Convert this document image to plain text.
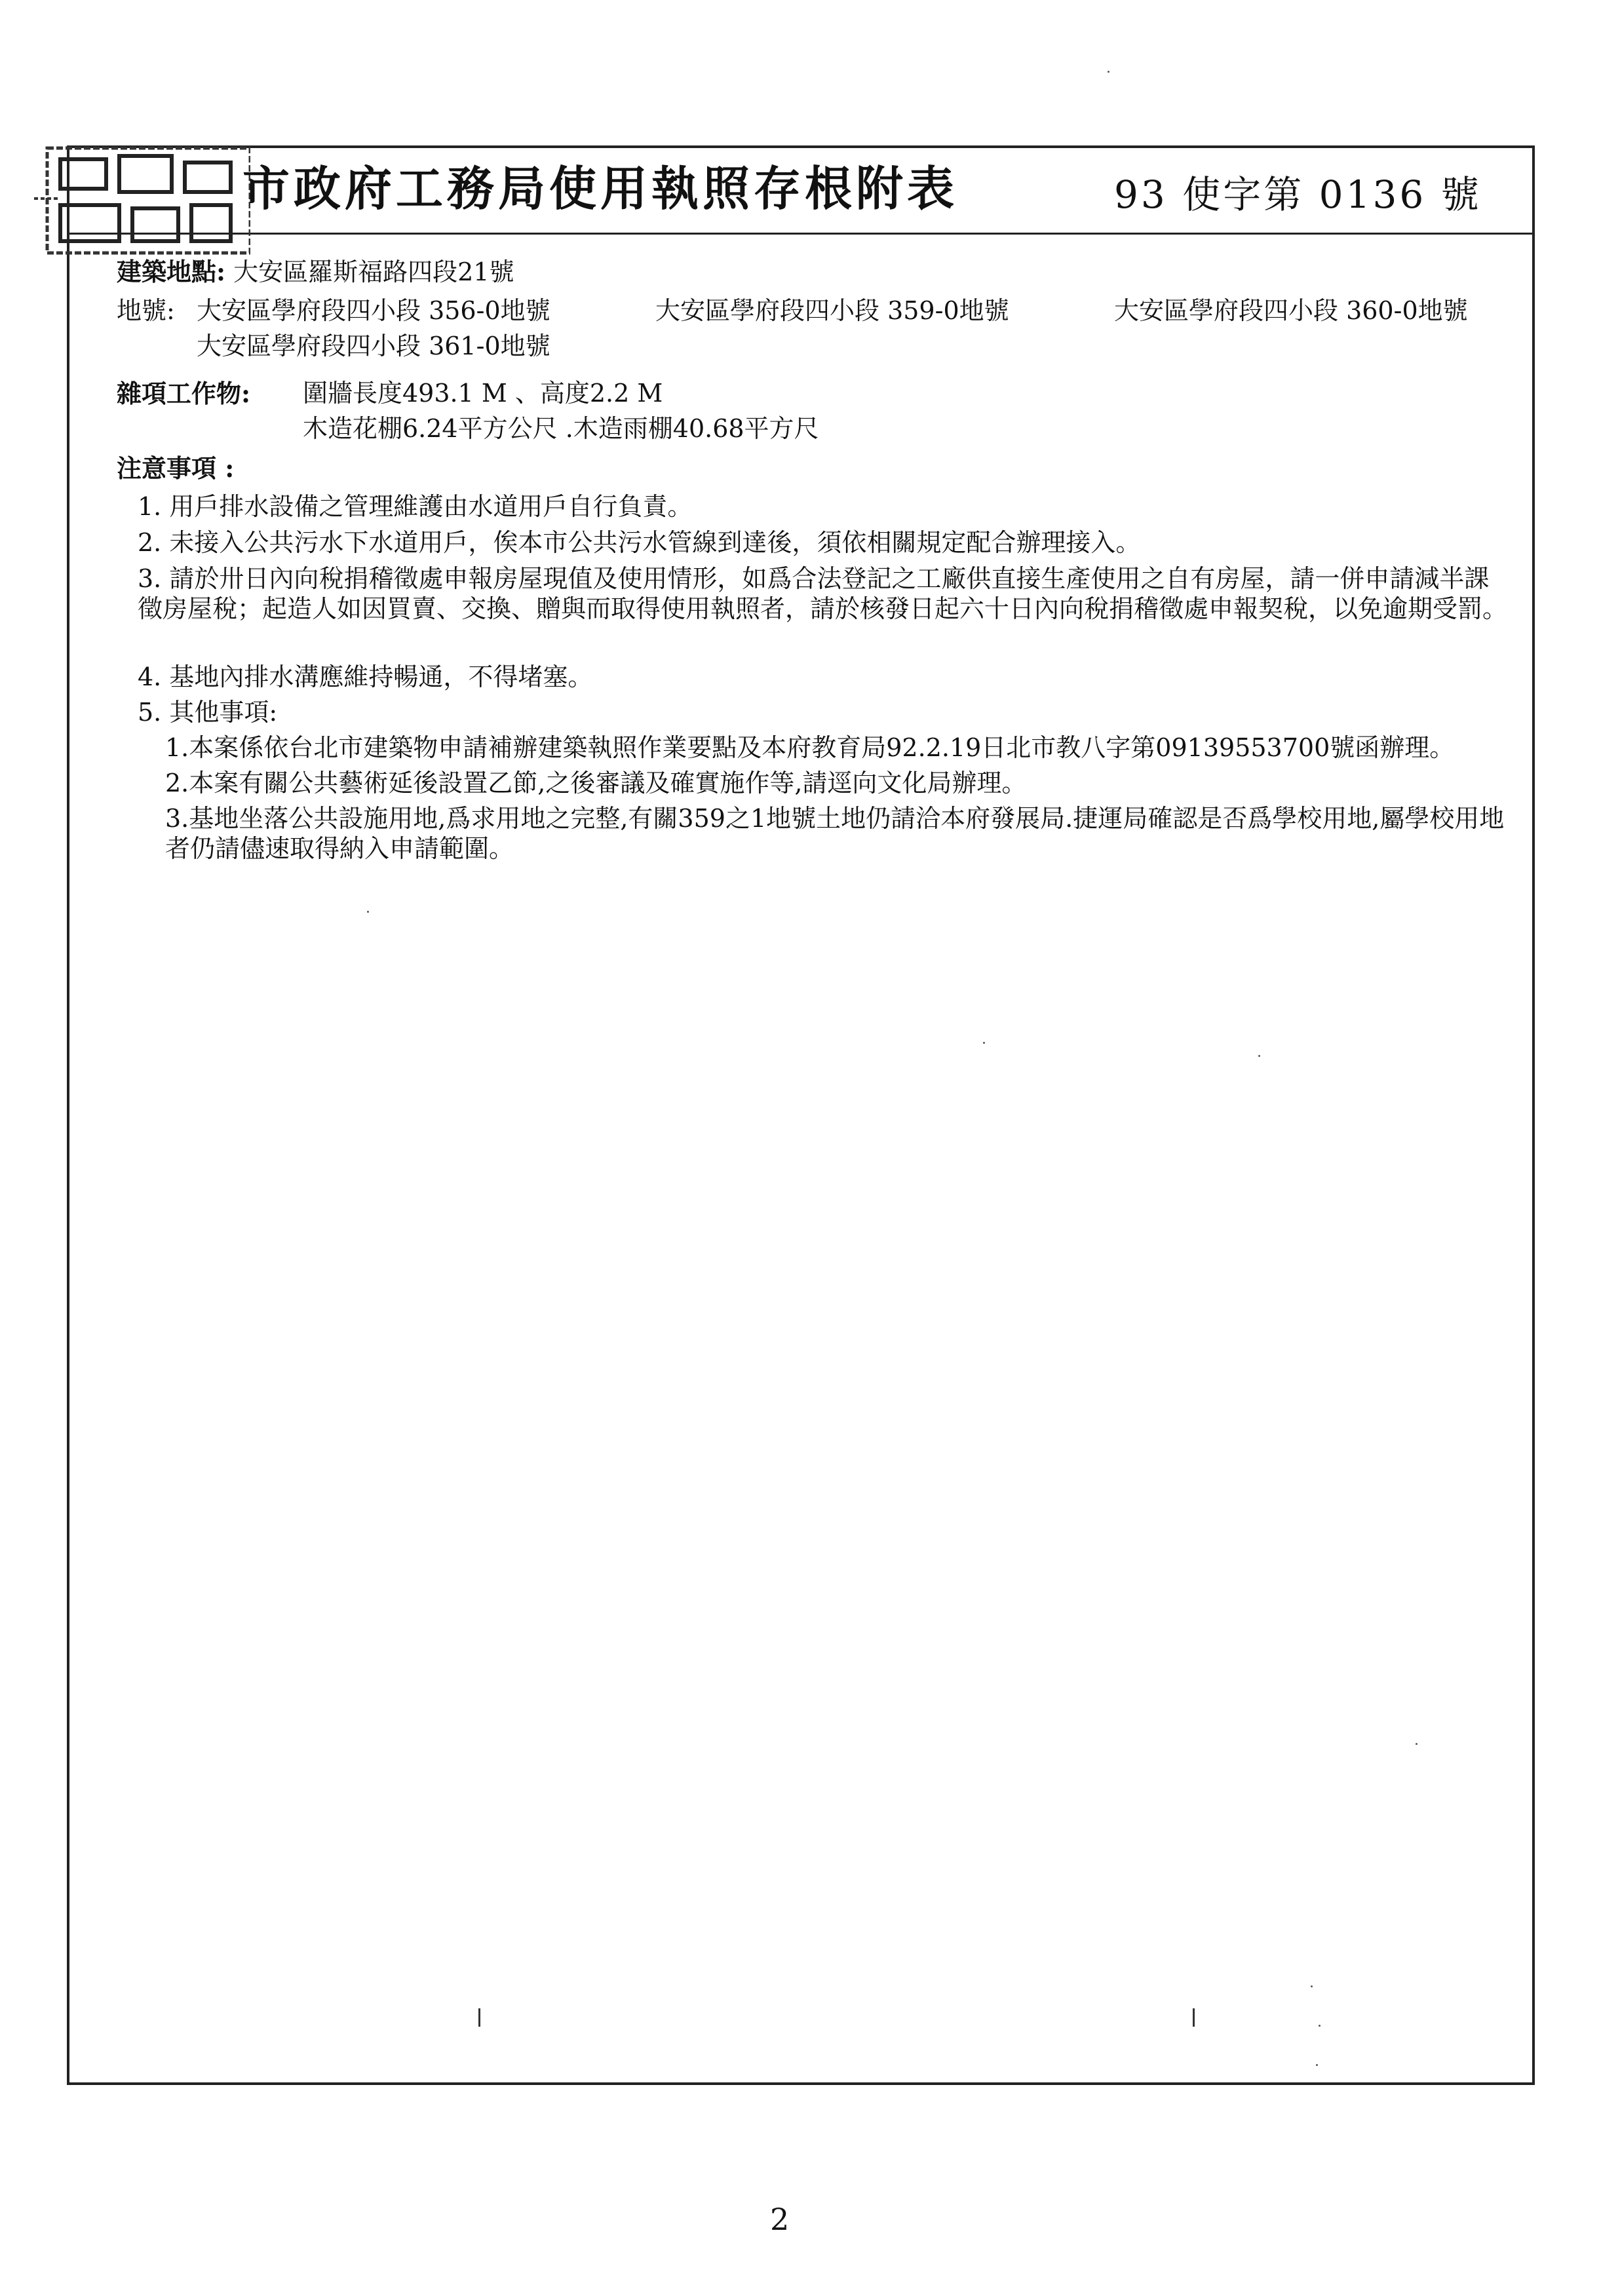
市政府工務局使用執照存根附表	93 使字第 0136 號
建築地點: 大安區羅斯福路四段21號
地號: 大安區學府段四小段 356-0地號	大安區學府段四小段 359-0地號	大安區學府段四小段 360-0地號
大安區學府段四小段 361-0地號
雜項工作物: 圍牆長度493.1 M 、高度2.2 M
木造花棚6.24平方公尺 .木造雨棚40.68平方尺
注意事項 :
1. 用戶排水設備之管理維護由水道用戶自行負責。
2. 未接入公共污水下水道用戶，俟本市公共污水管線到達後，須依相關規定配合辦理接入。
3. 請於卅日內向稅捐稽徵處申報房屋現值及使用情形，如爲合法登記之工廠供直接生產使用之自有房屋，請一併申請減半課徵房屋稅；起造人如因買賣、交換、贈與而取得使用執照者，請於核發日起六十日內向稅捐稽徵處申報契稅，以免逾期受罰。
4. 基地內排水溝應維持暢通，不得堵塞。
5. 其他事項:
1.本案係依台北市建築物申請補辦建築執照作業要點及本府教育局92.2.19日北市教八字第09139553700號函辦理。
2.本案有關公共藝術延後設置乙節,之後審議及確實施作等,請逕向文化局辦理。
3.基地坐落公共設施用地,爲求用地之完整,有關359之1地號土地仍請洽本府發展局.捷運局確認是否爲學校用地,屬學校用地者仍請儘速取得納入申請範圍。
2
